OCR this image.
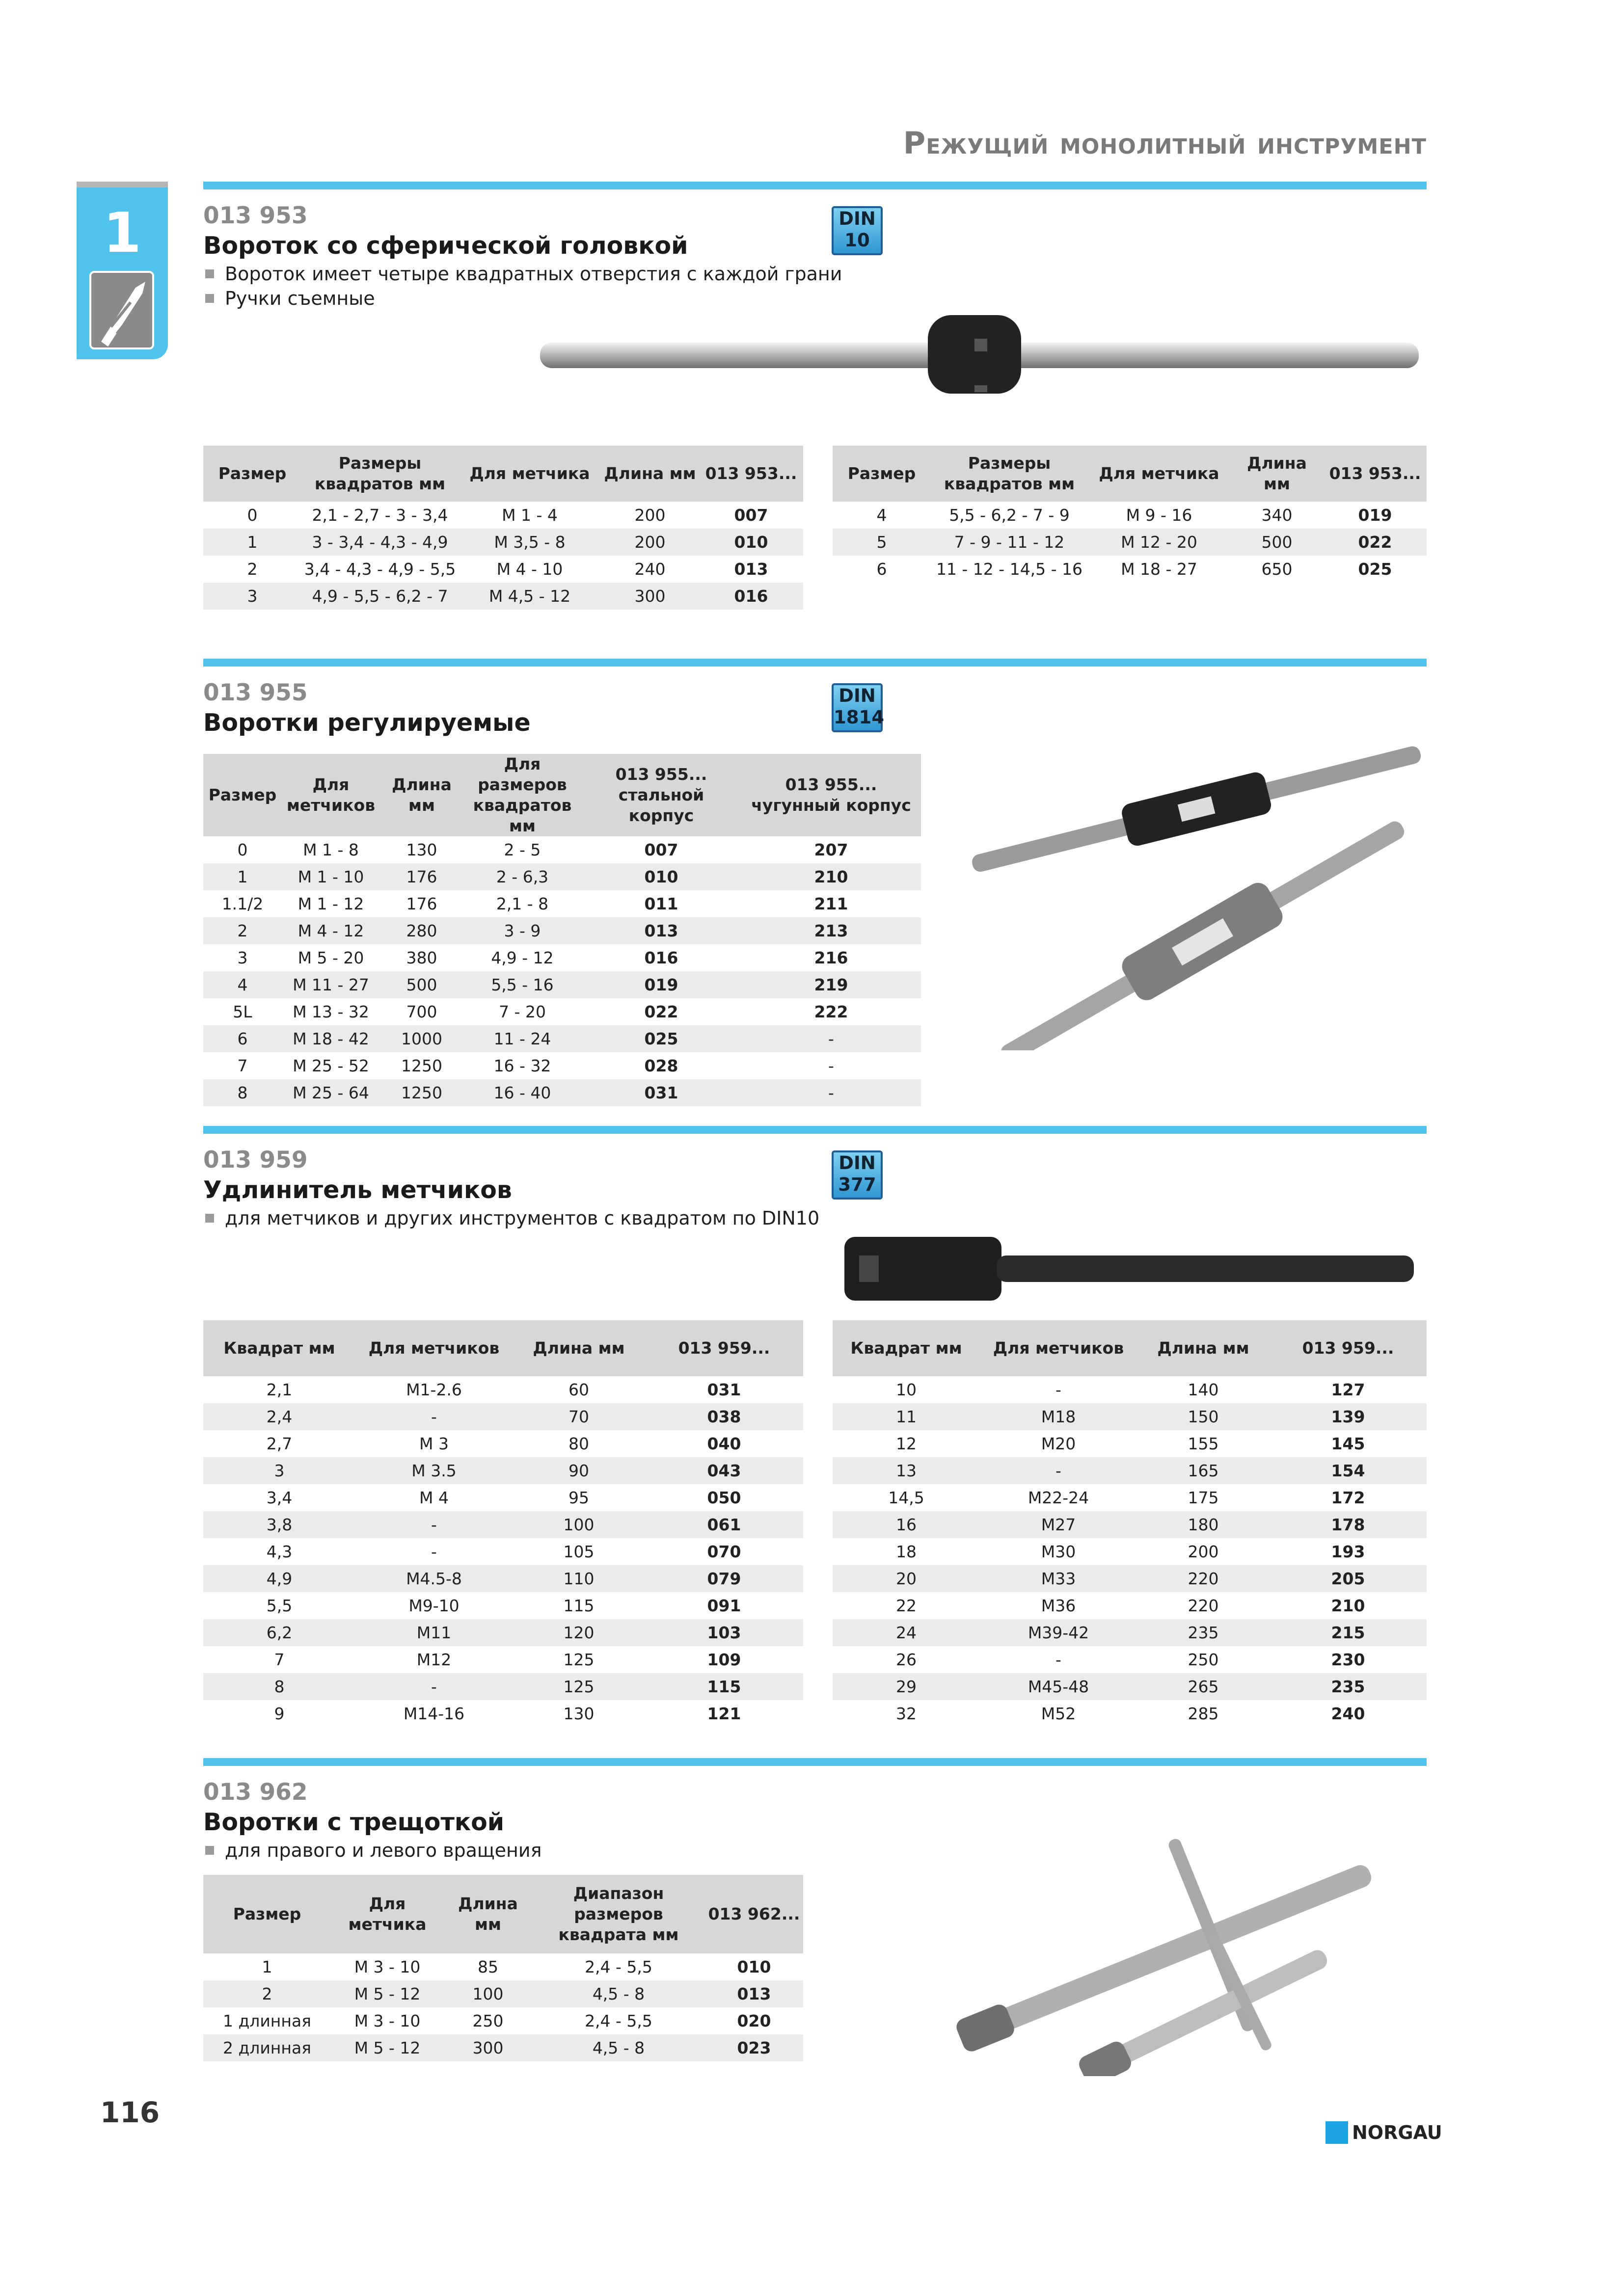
Режущий монолитный инструмент
1	013 953
Вороток со сферической головкой
Вороток имеет четыре квадратных отверстия с каждой грани
Ручки съемные
DIN
10
Размер	Размеры квадратов мм	Для метчика	Длина мм	013 953...
0	2,1 - 2,7 - 3 - 3,4	M 1 - 4	200	007
1	3 - 3,4 - 4,3 - 4,9	M 3,5 - 8	200	010
2	3,4 - 4,3 - 4,9 - 5,5	M 4 - 10	240	013
3	4,9 - 5,5 - 6,2 - 7	M 4,5 - 12	300	016
Размер	Размеры квадратов мм	Для метчика	Длина мм	013 953...
4	5,5 - 6,2 - 7 - 9	M 9 - 16	340	019
5	7 - 9 - 11 - 12	M 12 - 20	500	022
6	11 - 12 - 14,5 - 16	M 18 - 27	650	025
013 955
Воротки регулируемые
DIN
1814
Размер	Для метчиков	Длина мм	Для размеров квадратов мм	013 955... стальной корпус	013 955... чугунный корпус
0	M 1 - 8	130	2 - 5	007	207
1	M 1 - 10	176	2 - 6,3	010	210
1.1/2	M 1 - 12	176	2,1 - 8	011	211
2	M 4 - 12	280	3 - 9	013	213
3	M 5 - 20	380	4,9 - 12	016	216
4	M 11 - 27	500	5,5 - 16	019	219
5L	M 13 - 32	700	7 - 20	022	222
6	M 18 - 42	1000	11 - 24	025	-
7	M 25 - 52	1250	16 - 32	028	-
8	M 25 - 64	1250	16 - 40	031	-
013 959
Удлинитель метчиков
для метчиков и других инструментов с квадратом по DIN10
DIN
377
Квадрат мм	Для метчиков	Длина мм	013 959...
2,1	M1-2.6	60	031
2,4	-	70	038
2,7	M 3	80	040
3	M 3.5	90	043
3,4	M 4	95	050
3,8	-	100	061
4,3	-	105	070
4,9	M4.5-8	110	079
5,5	M9-10	115	091
6,2	M11	120	103
7	M12	125	109
8	-	125	115
9	M14-16	130	121
Квадрат мм	Для метчиков	Длина мм	013 959...
10	-	140	127
11	M18	150	139
12	M20	155	145
13	-	165	154
14,5	M22-24	175	172
16	M27	180	178
18	M30	200	193
20	M33	220	205
22	M36	220	210
24	M39-42	235	215
26	-	250	230
29	M45-48	265	235
32	M52	285	240
013 962
Воротки с трещоткой
для правого и левого вращения
Размер	Для метчика	Длина мм	Диапазон размеров квадрата мм	013 962...
1	M 3 - 10	85	2,4 - 5,5	010
2	M 5 - 12	100	4,5 - 8	013
1 длинная	M 3 - 10	250	2,4 - 5,5	020
2 длинная	M 5 - 12	300	4,5 - 8	023
116
NORGAU
